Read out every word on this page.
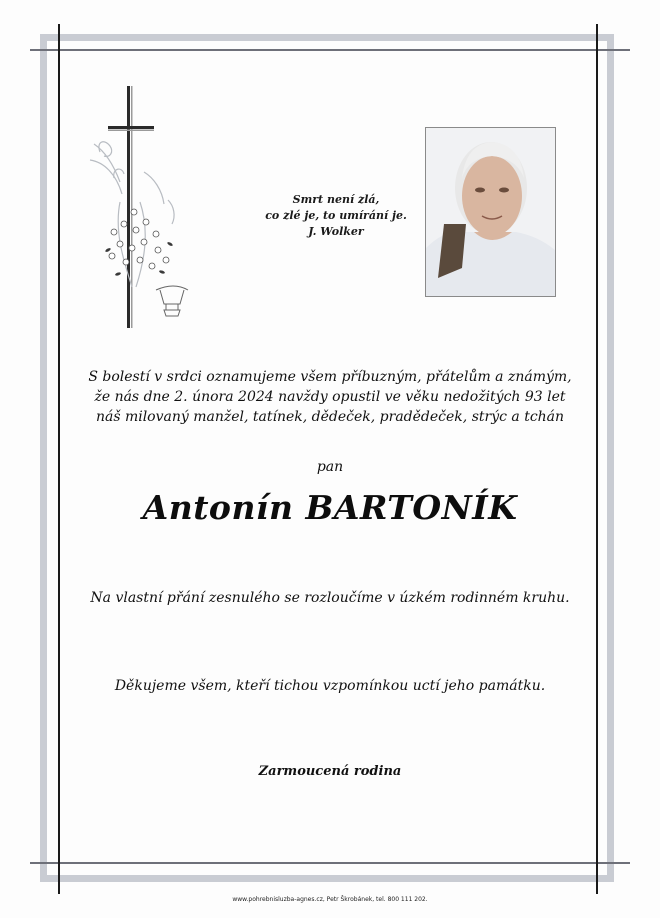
Smrt není zlá,
co zlé je, to umírání je.
J. Wolker
S bolestí v srdci oznamujeme všem příbuzným, přátelům a známým,
že nás dne 2. února 2024 navždy opustil ve věku nedožitých 93 let
náš milovaný manžel, tatínek, dědeček, pradědeček, strýc a tchán
pan
Antonín BARTONÍK
Na vlastní přání zesnulého se rozloučíme v úzkém rodinném kruhu.
Děkujeme všem, kteří tichou vzpomínkou uctí jeho památku.
Zarmoucená rodina
www.pohrebnisluzba-agnes.cz, Petr Škrobánek, tel. 800 111 202.
